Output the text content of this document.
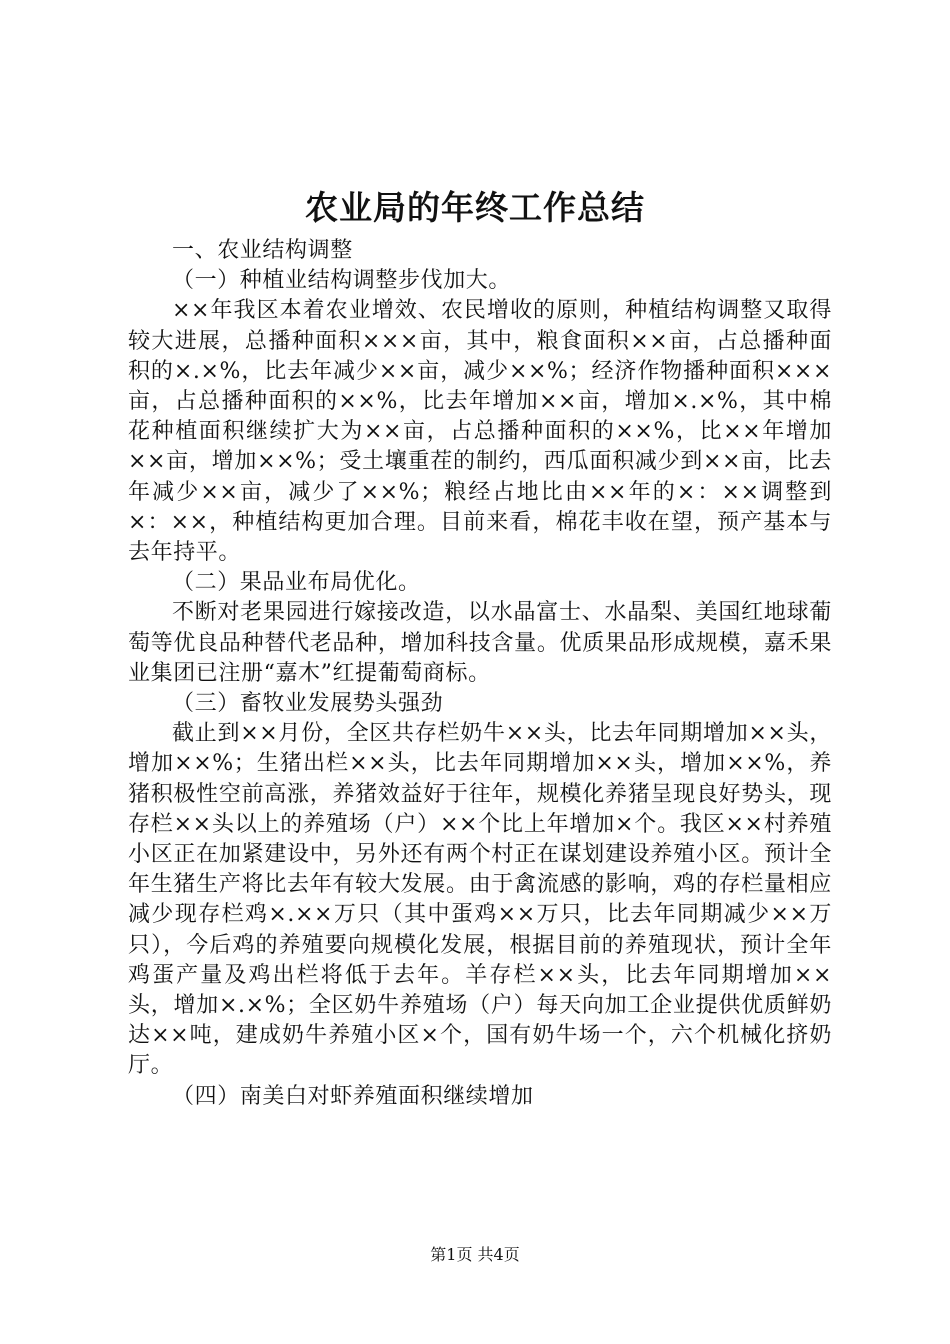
农业局的年终工作总结

一、农业结构调整

（一）种植业结构调整步伐加大。

××年我区本着农业增效、农民增收的原则，种植结构调整又取得较大进展，总播种面积×××亩，其中，粮食面积××亩，占总播种面积的×.×%，比去年减少××亩，减少××%；经济作物播种面积×××亩，占总播种面积的××%，比去年增加××亩，增加×.×%，其中棉花种植面积继续扩大为××亩，占总播种面积的××%，比××年增加××亩，增加××%；受土壤重茬的制约，西瓜面积减少到××亩，比去年减少××亩，减少了××%；粮经占地比由××年的×：××调整到×：××，种植结构更加合理。目前来看，棉花丰收在望，预产基本与去年持平。

（二）果品业布局优化。

不断对老果园进行嫁接改造，以水晶富士、水晶梨、美国红地球葡萄等优良品种替代老品种，增加科技含量。优质果品形成规模，嘉禾果业集团已注册“嘉木”红提葡萄商标。

（三）畜牧业发展势头强劲

截止到××月份，全区共存栏奶牛××头，比去年同期增加××头，增加××%；生猪出栏××头，比去年同期增加××头，增加××%，养猪积极性空前高涨，养猪效益好于往年，规模化养猪呈现良好势头，现存栏××头以上的养殖场（户）××个比上年增加×个。我区××村养殖小区正在加紧建设中，另外还有两个村正在谋划建设养殖小区。预计全年生猪生产将比去年有较大发展。由于禽流感的影响，鸡的存栏量相应减少现存栏鸡×.××万只（其中蛋鸡××万只，比去年同期减少××万只），今后鸡的养殖要向规模化发展，根据目前的养殖现状，预计全年鸡蛋产量及鸡出栏将低于去年。羊存栏××头，比去年同期增加××头，增加×.×%；全区奶牛养殖场（户）每天向加工企业提供优质鲜奶达××吨，建成奶牛养殖小区×个，国有奶牛场一个，六个机械化挤奶厅。

（四）南美白对虾养殖面积继续增加

第1页 共4页
